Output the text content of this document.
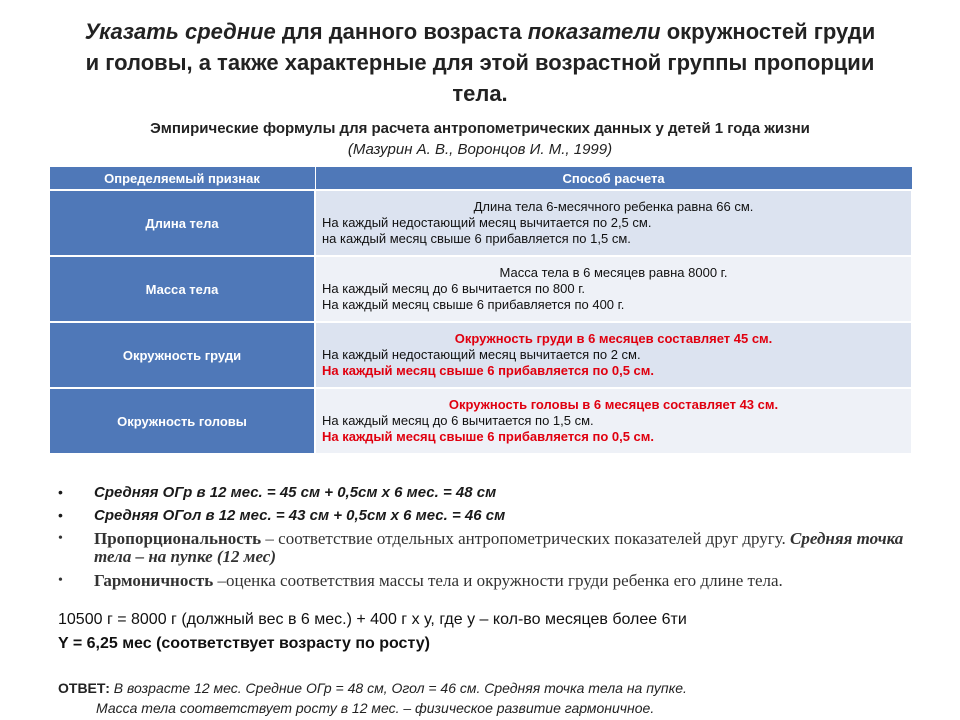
Указать средние для данного возраста показатели окружностей груди
и головы, а также характерные для этой возрастной группы пропорции
тела.
Эмпирические формулы для расчета антропометрических данных у детей 1 года жизни
(Мазурин А. В., Воронцов И. М., 1999)
Определяемый признак	Способ расчета
Длина тела	Длина тела 6-месячного ребенка равна 66 см.
На каждый недостающий месяц вычитается по 2,5 см.
на каждый месяц свыше 6 прибавляется по 1,5 см.
Масса тела	Масса тела в 6 месяцев равна 8000 г.
На каждый месяц до 6 вычитается по 800 г.
На каждый месяц свыше 6 прибавляется по 400 г.
Окружность груди	Окружность груди в 6 месяцев составляет 45 см.
На каждый недостающий месяц вычитается по 2 см.
На каждый месяц свыше 6 прибавляется по 0,5 см.
Окружность головы	Окружность головы в 6 месяцев составляет 43 см.
На каждый месяц до 6 вычитается по 1,5 см.
На каждый месяц свыше 6 прибавляется по 0,5 см.
• Средняя ОГр в 12 мес. = 45 см + 0,5см х 6 мес. = 48 см
• Средняя ОГол в 12 мес. = 43 см + 0,5см х 6 мес. = 46 см
• Пропорциональность – соответствие отдельных антропометрических показателей друг другу. Средняя точка тела – на пупке (12 мес)
• Гармоничность –оценка соответствия массы тела и окружности груди ребенка его длине тела.
10500 г = 8000 г (должный вес в 6 мес.) + 400 г х у, где у – кол-во месяцев более 6ти
Y = 6,25 мес (соответствует возрасту по росту)
ОТВЕТ: В возрасте 12 мес. Средние ОГр = 48 см, Огол = 46 см. Средняя точка тела на пупке.
Масса тела соответствует росту в 12 мес. – физическое развитие гармоничное.
